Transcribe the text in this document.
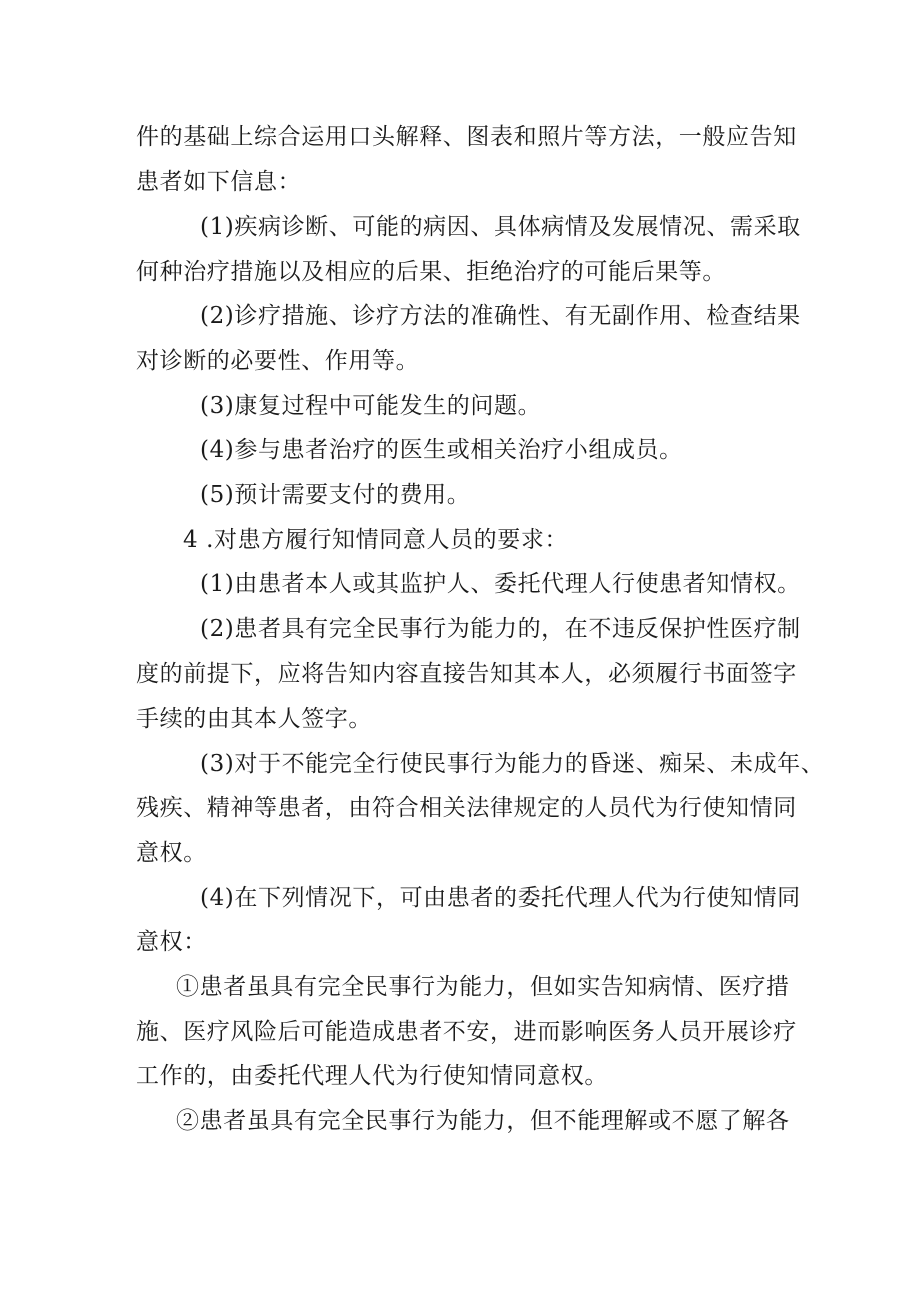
件的基础上综合运用口头解释、图表和照片等方法，一般应告知
患者如下信息：
(1)疾病诊断、可能的病因、具体病情及发展情况、需采取
何种治疗措施以及相应的后果、拒绝治疗的可能后果等。
(2)诊疗措施、诊疗方法的准确性、有无副作用、检查结果
对诊断的必要性、作用等。
(3)康复过程中可能发生的问题。
(4)参与患者治疗的医生或相关治疗小组成员。
(5)预计需要支付的费用。
4 .对患方履行知情同意人员的要求：
(1)由患者本人或其监护人、委托代理人行使患者知情权。
(2)患者具有完全民事行为能力的，在不违反保护性医疗制
度的前提下，应将告知内容直接告知其本人，必须履行书面签字
手续的由其本人签字。
(3)对于不能完全行使民事行为能力的昏迷、痴呆、未成年、
残疾、精神等患者，由符合相关法律规定的人员代为行使知情同
意权。
(4)在下列情况下，可由患者的委托代理人代为行使知情同
意权：
①患者虽具有完全民事行为能力，但如实告知病情、医疗措
施、医疗风险后可能造成患者不安，进而影响医务人员开展诊疗
工作的，由委托代理人代为行使知情同意权。
②患者虽具有完全民事行为能力，但不能理解或不愿了解各
